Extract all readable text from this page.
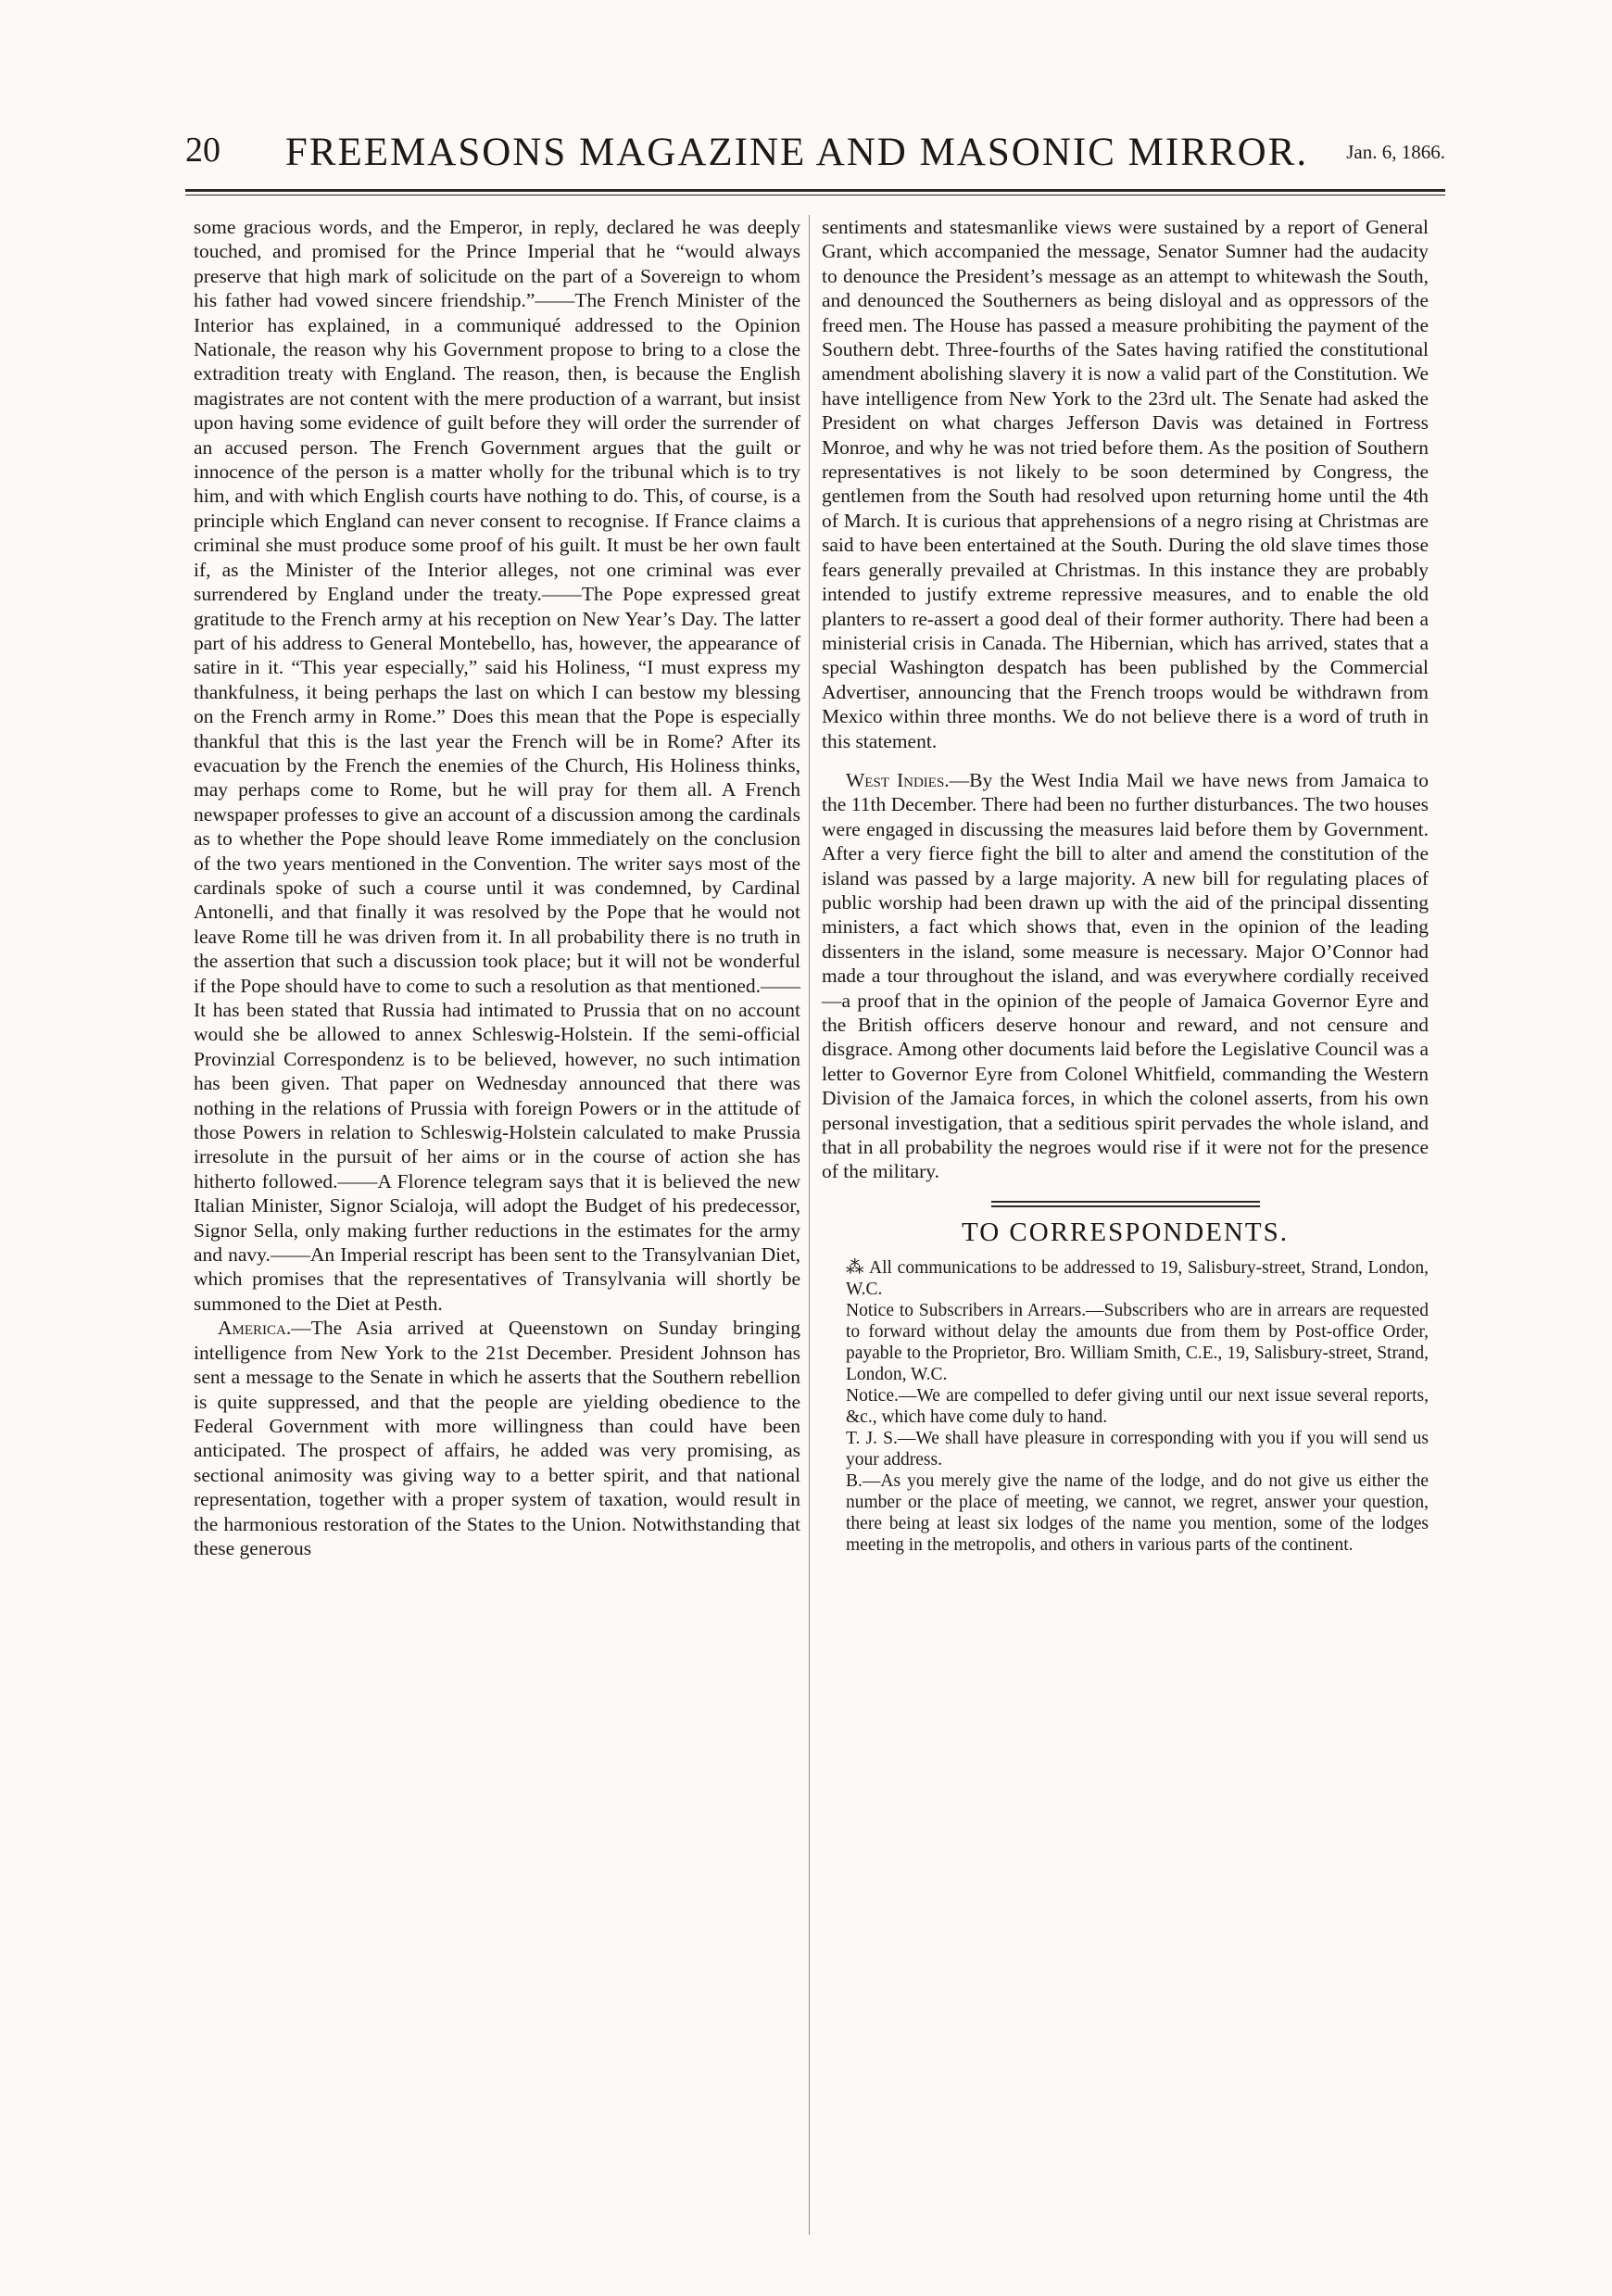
20	FREEMASONS MAGAZINE AND MASONIC MIRROR.	Jan. 6, 1866.

some gracious words, and the Emperor, in reply, declared he was deeply touched, and promised for the Prince Imperial that he “would always preserve that high mark of solicitude on the part of a Sovereign to whom his father had vowed sincere friendship.”——The French Minister of the Interior has explained, in a communiqué addressed to the Opinion Nationale, the reason why his Government propose to bring to a close the extradition treaty with England. The reason, then, is because the English magistrates are not content with the mere production of a warrant, but insist upon having some evidence of guilt before they will order the surrender of an accused person. The French Government argues that the guilt or innocence of the person is a matter wholly for the tribunal which is to try him, and with which English courts have nothing to do. This, of course, is a principle which England can never consent to recognise. If France claims a criminal she must produce some proof of his guilt. It must be her own fault if, as the Minister of the Interior alleges, not one criminal was ever surrendered by England under the treaty.——The Pope expressed great gratitude to the French army at his reception on New Year’s Day. The latter part of his address to General Montebello, has, however, the appearance of satire in it. “This year especially,” said his Holiness, “I must express my thankfulness, it being perhaps the last on which I can bestow my blessing on the French army in Rome.” Does this mean that the Pope is especially thankful that this is the last year the French will be in Rome? After its evacuation by the French the enemies of the Church, His Holiness thinks, may perhaps come to Rome, but he will pray for them all. A French newspaper professes to give an account of a discussion among the cardinals as to whether the Pope should leave Rome immediately on the conclusion of the two years mentioned in the Convention. The writer says most of the cardinals spoke of such a course until it was condemned, by Cardinal Antonelli, and that finally it was resolved by the Pope that he would not leave Rome till he was driven from it. In all probability there is no truth in the assertion that such a discussion took place; but it will not be wonderful if the Pope should have to come to such a resolution as that mentioned.——It has been stated that Russia had intimated to Prussia that on no account would she be allowed to annex Schleswig-Holstein. If the semi-official Provinzial Correspondenz is to be believed, however, no such intimation has been given. That paper on Wednesday announced that there was nothing in the relations of Prussia with foreign Powers or in the attitude of those Powers in relation to Schleswig-Holstein calculated to make Prussia irresolute in the pursuit of her aims or in the course of action she has hitherto followed.——A Florence telegram says that it is believed the new Italian Minister, Signor Scialoja, will adopt the Budget of his predecessor, Signor Sella, only making further reductions in the estimates for the army and navy.——An Imperial rescript has been sent to the Transylvanian Diet, which promises that the representatives of Transylvania will shortly be summoned to the Diet at Pesth.

America.—The Asia arrived at Queenstown on Sunday bringing intelligence from New York to the 21st December. President Johnson has sent a message to the Senate in which he asserts that the Southern rebellion is quite suppressed, and that the people are yielding obedience to the Federal Government with more willingness than could have been anticipated. The prospect of affairs, he added was very promising, as sectional animosity was giving way to a better spirit, and that national representation, together with a proper system of taxation, would result in the harmonious restoration of the States to the Union. Notwithstanding that these generous

sentiments and statesmanlike views were sustained by a report of General Grant, which accompanied the message, Senator Sumner had the audacity to denounce the President’s message as an attempt to whitewash the South, and denounced the Southerners as being disloyal and as oppressors of the freed men. The House has passed a measure prohibiting the payment of the Southern debt. Three-fourths of the Sates having ratified the constitutional amendment abolishing slavery it is now a valid part of the Constitution. We have intelligence from New York to the 23rd ult. The Senate had asked the President on what charges Jefferson Davis was detained in Fortress Monroe, and why he was not tried before them. As the position of Southern representatives is not likely to be soon determined by Congress, the gentlemen from the South had resolved upon returning home until the 4th of March. It is curious that apprehensions of a negro rising at Christmas are said to have been entertained at the South. During the old slave times those fears generally prevailed at Christmas. In this instance they are probably intended to justify extreme repressive measures, and to enable the old planters to re-assert a good deal of their former authority. There had been a ministerial crisis in Canada. The Hibernian, which has arrived, states that a special Washington despatch has been published by the Commercial Advertiser, announcing that the French troops would be withdrawn from Mexico within three months. We do not believe there is a word of truth in this statement.

West Indies.—By the West India Mail we have news from Jamaica to the 11th December. There had been no further disturbances. The two houses were engaged in discussing the measures laid before them by Government. After a very fierce fight the bill to alter and amend the constitution of the island was passed by a large majority. A new bill for regulating places of public worship had been drawn up with the aid of the principal dissenting ministers, a fact which shows that, even in the opinion of the leading dissenters in the island, some measure is necessary. Major O’Connor had made a tour throughout the island, and was everywhere cordially received—a proof that in the opinion of the people of Jamaica Governor Eyre and the British officers deserve honour and reward, and not censure and disgrace. Among other documents laid before the Legislative Council was a letter to Governor Eyre from Colonel Whitfield, commanding the Western Division of the Jamaica forces, in which the colonel asserts, from his own personal investigation, that a seditious spirit pervades the whole island, and that in all probability the negroes would rise if it were not for the presence of the military.

TO CORRESPONDENTS.

⁂ All communications to be addressed to 19, Salisbury-street, Strand, London, W.C.

Notice to Subscribers in Arrears.—Subscribers who are in arrears are requested to forward without delay the amounts due from them by Post-office Order, payable to the Proprietor, Bro. William Smith, C.E., 19, Salisbury-street, Strand, London, W.C.

Notice.—We are compelled to defer giving until our next issue several reports, &c., which have come duly to hand.

T. J. S.—We shall have pleasure in corresponding with you if you will send us your address.

B.—As you merely give the name of the lodge, and do not give us either the number or the place of meeting, we cannot, we regret, answer your question, there being at least six lodges of the name you mention, some of the lodges meeting in the metropolis, and others in various parts of the continent.
